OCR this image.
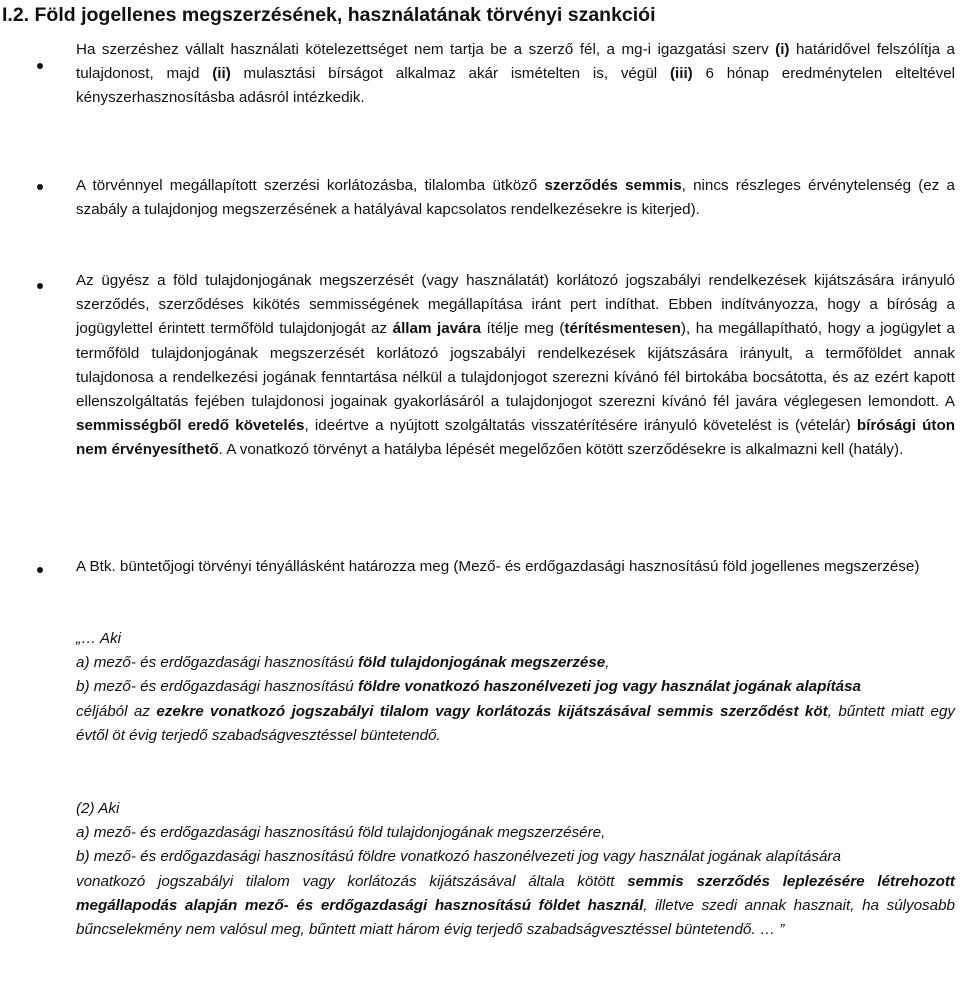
I.2. Föld jogellenes megszerzésének, használatának törvényi szankciói
Ha szerzéshez vállalt használati kötelezettséget nem tartja be a szerző fél, a mg-i igazgatási szerv (i) határidővel felszólítja a tulajdonost, majd (ii) mulasztási bírságot alkalmaz akár ismételten is, végül (iii) 6 hónap eredménytelen elteltével kényszerhasznosításba adásról intézkedik.
A törvénnyel megállapított szerzési korlátozásba, tilalomba ütköző szerződés semmis, nincs részleges érvénytelenség (ez a szabály a tulajdonjog megszerzésének a hatályával kapcsolatos rendelkezésekre is kiterjed).
Az ügyész a föld tulajdonjogának megszerzését (vagy használatát) korlátozó jogszabályi rendelkezések kijátszására irányuló szerződés, szerződéses kikötés semmisségének megállapítása iránt pert indíthat. Ebben indítványozza, hogy a bíróság a jogügylettel érintett termőföld tulajdonjogát az állam javára ítélje meg (térítésmentesen), ha megállapítható, hogy a jogügylet a termőföld tulajdonjogának megszerzését korlátozó jogszabályi rendelkezések kijátszására irányult, a termőföldet annak tulajdonosa a rendelkezési jogának fenntartása nélkül a tulajdonjogot szerezni kívánó fél birtokába bocsátotta, és az ezért kapott ellenszolgáltatás fejében tulajdonosi jogainak gyakorlásáról a tulajdonjogot szerezni kívánó fél javára véglegesen lemondott. A semmisségből eredő követelés, ideértve a nyújtott szolgáltatás visszatérítésére irányuló követelést is (vételár) bírósági úton nem érvényesíthető. A vonatkozó törvényt a hatályba lépését megelőzően kötött szerződésekre is alkalmazni kell (hatály).
A Btk. büntetőjogi törvényi tényállásként határozza meg (Mező- és erdőgazdasági hasznosítású föld jogellenes megszerzése)
„… Aki
a) mező- és erdőgazdasági hasznosítású föld tulajdonjogának megszerzése,
b) mező- és erdőgazdasági hasznosítású földre vonatkozó haszonélvezeti jog vagy használat jogának alapítása
céljából az ezekre vonatkozó jogszabályi tilalom vagy korlátozás kijátszásával semmis szerződést köt, bűntett miatt egy évtől öt évig terjedő szabadságvesztéssel büntetendő.
(2) Aki
a) mező- és erdőgazdasági hasznosítású föld tulajdonjogának megszerzésére,
b) mező- és erdőgazdasági hasznosítású földre vonatkozó haszonélvezeti jog vagy használat jogának alapítására
vonatkozó jogszabályi tilalom vagy korlátozás kijátszásával általa kötött semmis szerződés leplezésére létrehozott megállapodás alapján mező- és erdőgazdasági hasznosítású földet használ, illetve szedi annak hasznait, ha súlyosabb bűncselekmény nem valósul meg, bűntett miatt három évig terjedő szabadságvesztéssel büntetendő. … ”
